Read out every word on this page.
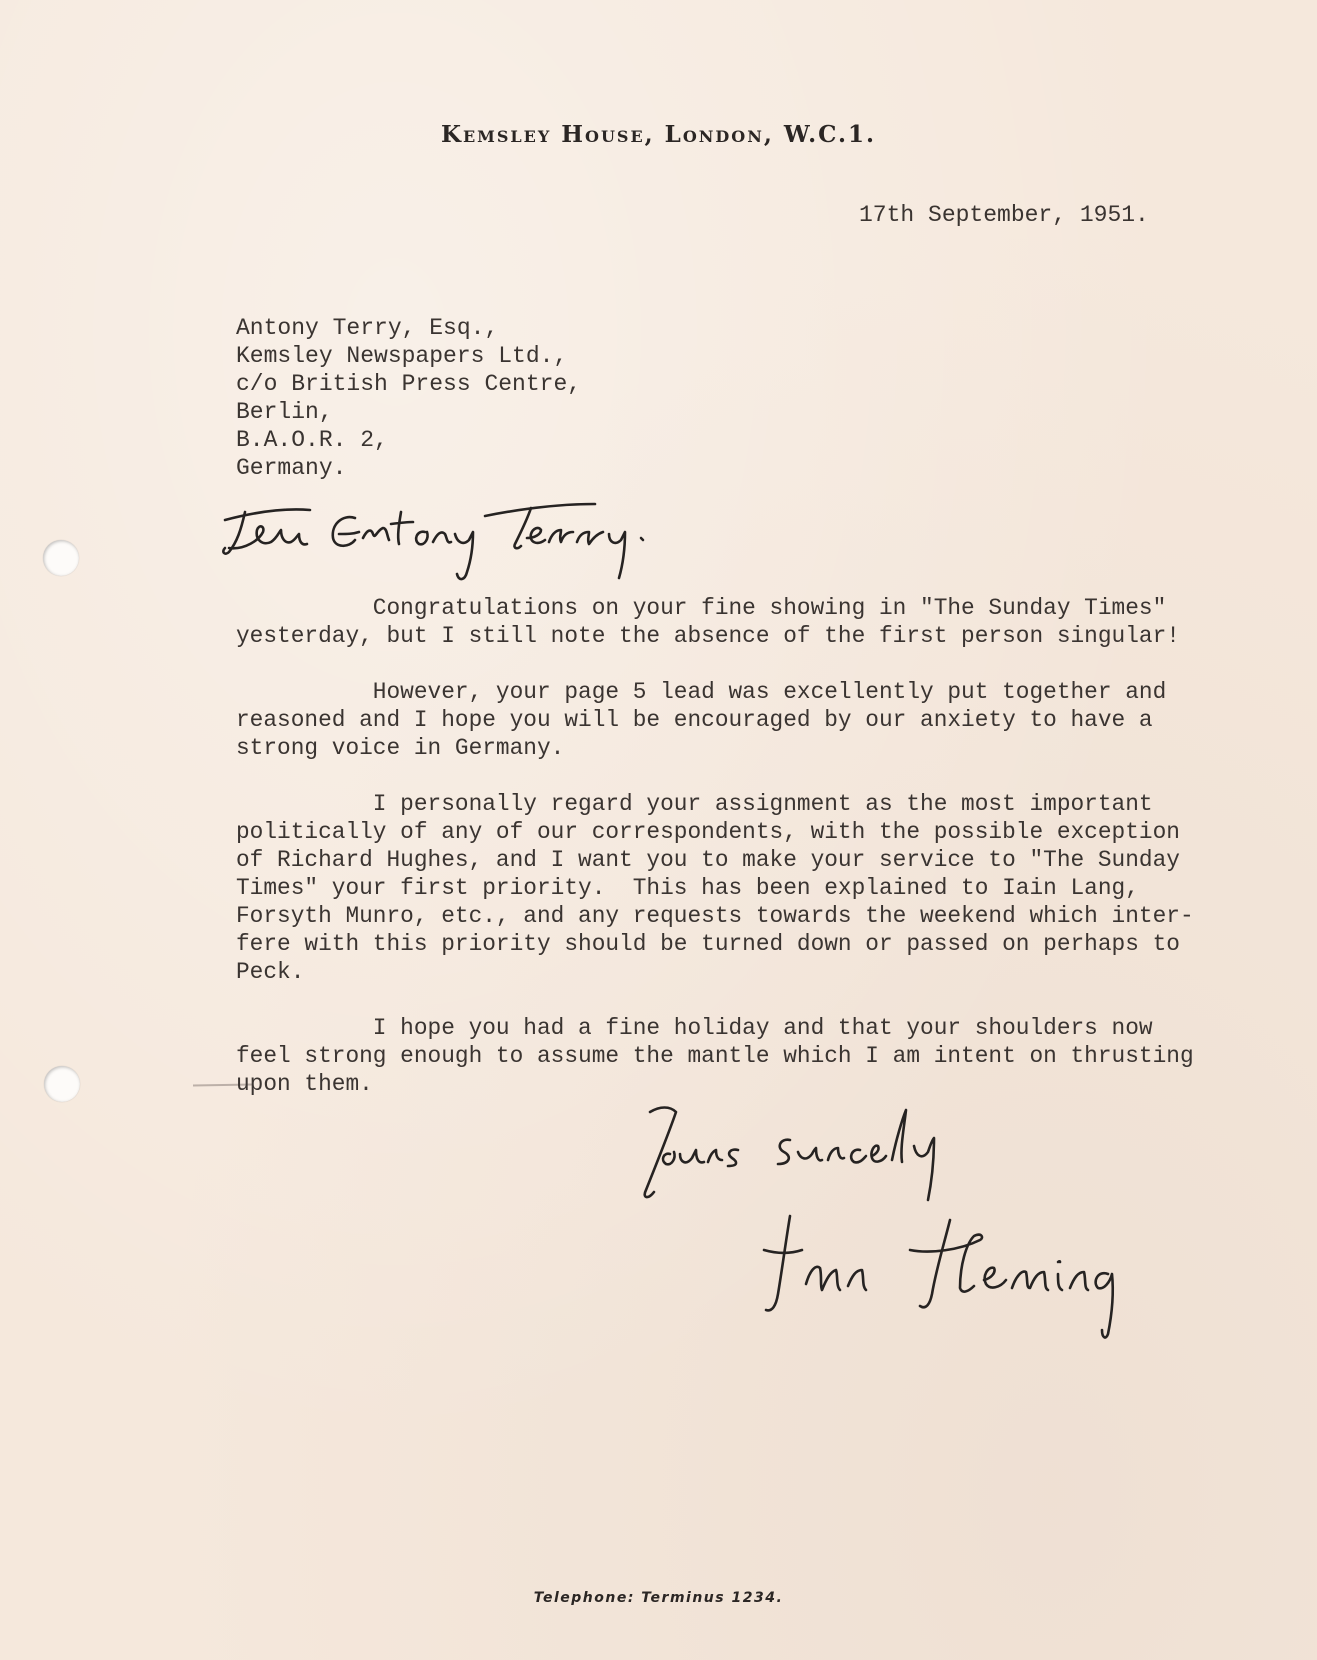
Kemsley House, London, W.C.1.
17th September, 1951.
Antony Terry, Esq.,
Kemsley Newspapers Ltd.,
c/o British Press Centre,
Berlin,
B.A.O.R. 2,
Germany.
Congratulations on your fine showing in "The Sunday Times"
yesterday, but I still note the absence of the first person singular!
However, your page 5 lead was excellently put together and
reasoned and I hope you will be encouraged by our anxiety to have a
strong voice in Germany.
I personally regard your assignment as the most important
politically of any of our correspondents, with the possible exception
of Richard Hughes, and I want you to make your service to "The Sunday
Times" your first priority.  This has been explained to Iain Lang,
Forsyth Munro, etc., and any requests towards the weekend which inter-
fere with this priority should be turned down or passed on perhaps to
Peck.
I hope you had a fine holiday and that your shoulders now
feel strong enough to assume the mantle which I am intent on thrusting
upon them.
Telephone: Terminus 1234.
